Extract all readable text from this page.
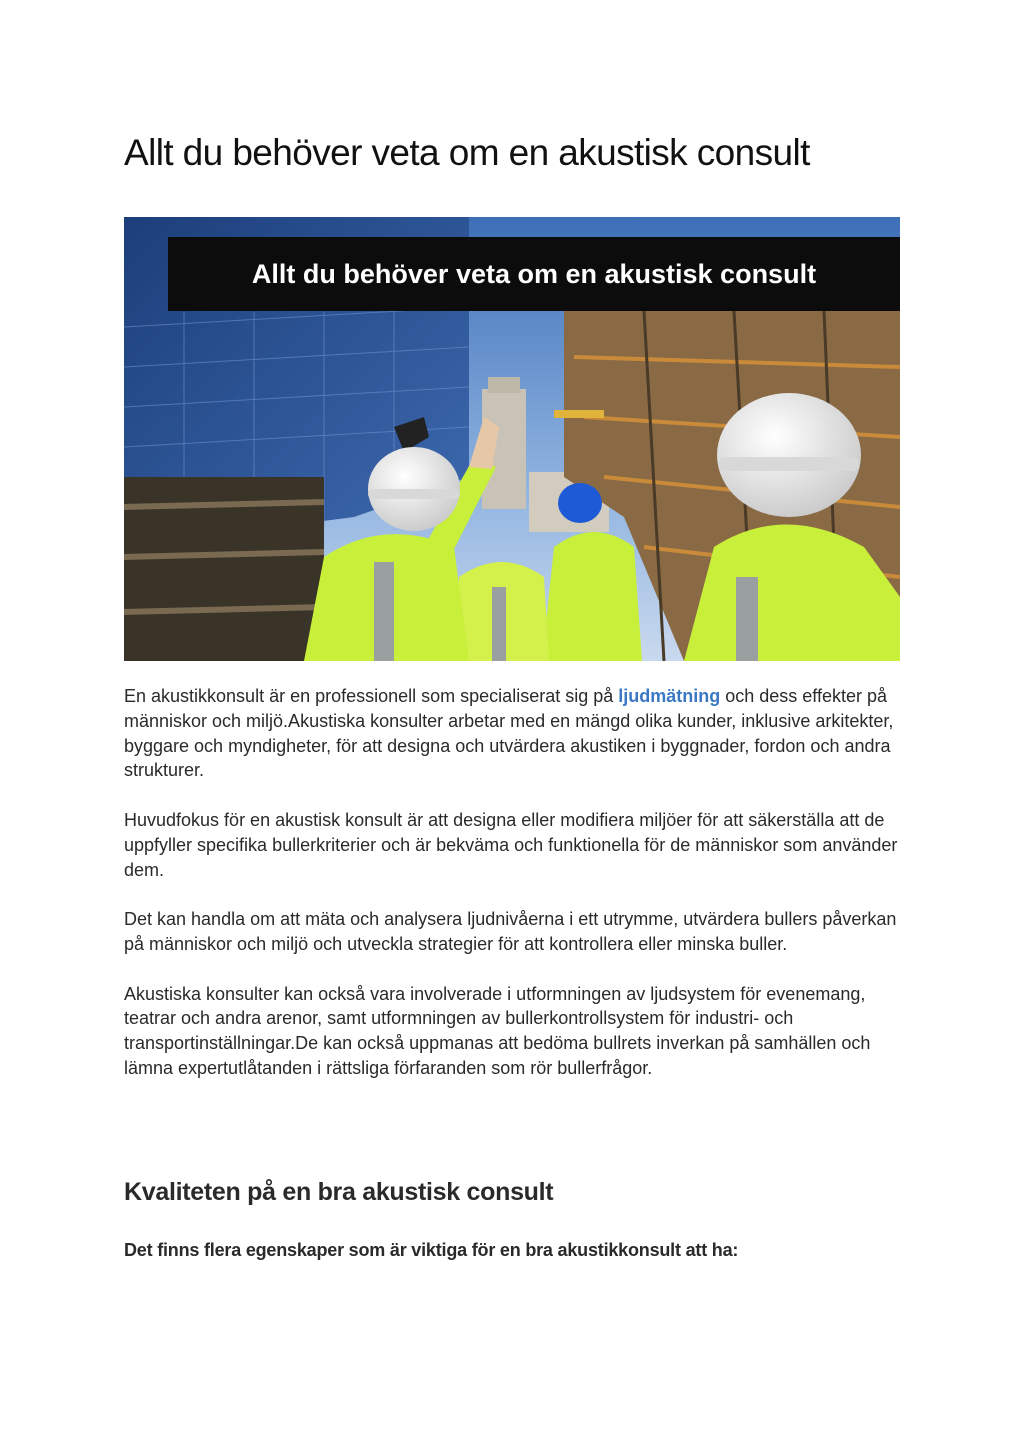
Allt du behöver veta om en akustisk consult
Allt du behöver veta om en akustisk consult

En akustikkonsult är en professionell som specialiserat sig på ljudmätning och dess effekter på människor och miljö.Akustiska konsulter arbetar med en mängd olika kunder, inklusive arkitekter, byggare och myndigheter, för att designa och utvärdera akustiken i byggnader, fordon och andra strukturer.

Huvudfokus för en akustisk konsult är att designa eller modifiera miljöer för att säkerställa att de uppfyller specifika bullerkriterier och är bekväma och funktionella för de människor som använder dem.

Det kan handla om att mäta och analysera ljudnivåerna i ett utrymme, utvärdera bullers påverkan på människor och miljö och utveckla strategier för att kontrollera eller minska buller.

Akustiska konsulter kan också vara involverade i utformningen av ljudsystem för evenemang, teatrar och andra arenor, samt utformningen av bullerkontrollsystem för industri- och transportinställningar.De kan också uppmanas att bedöma bullrets inverkan på samhällen och lämna expertutlåtanden i rättsliga förfaranden som rör bullerfrågor.

Kvaliteten på en bra akustisk consult

Det finns flera egenskaper som är viktiga för en bra akustikkonsult att ha:
